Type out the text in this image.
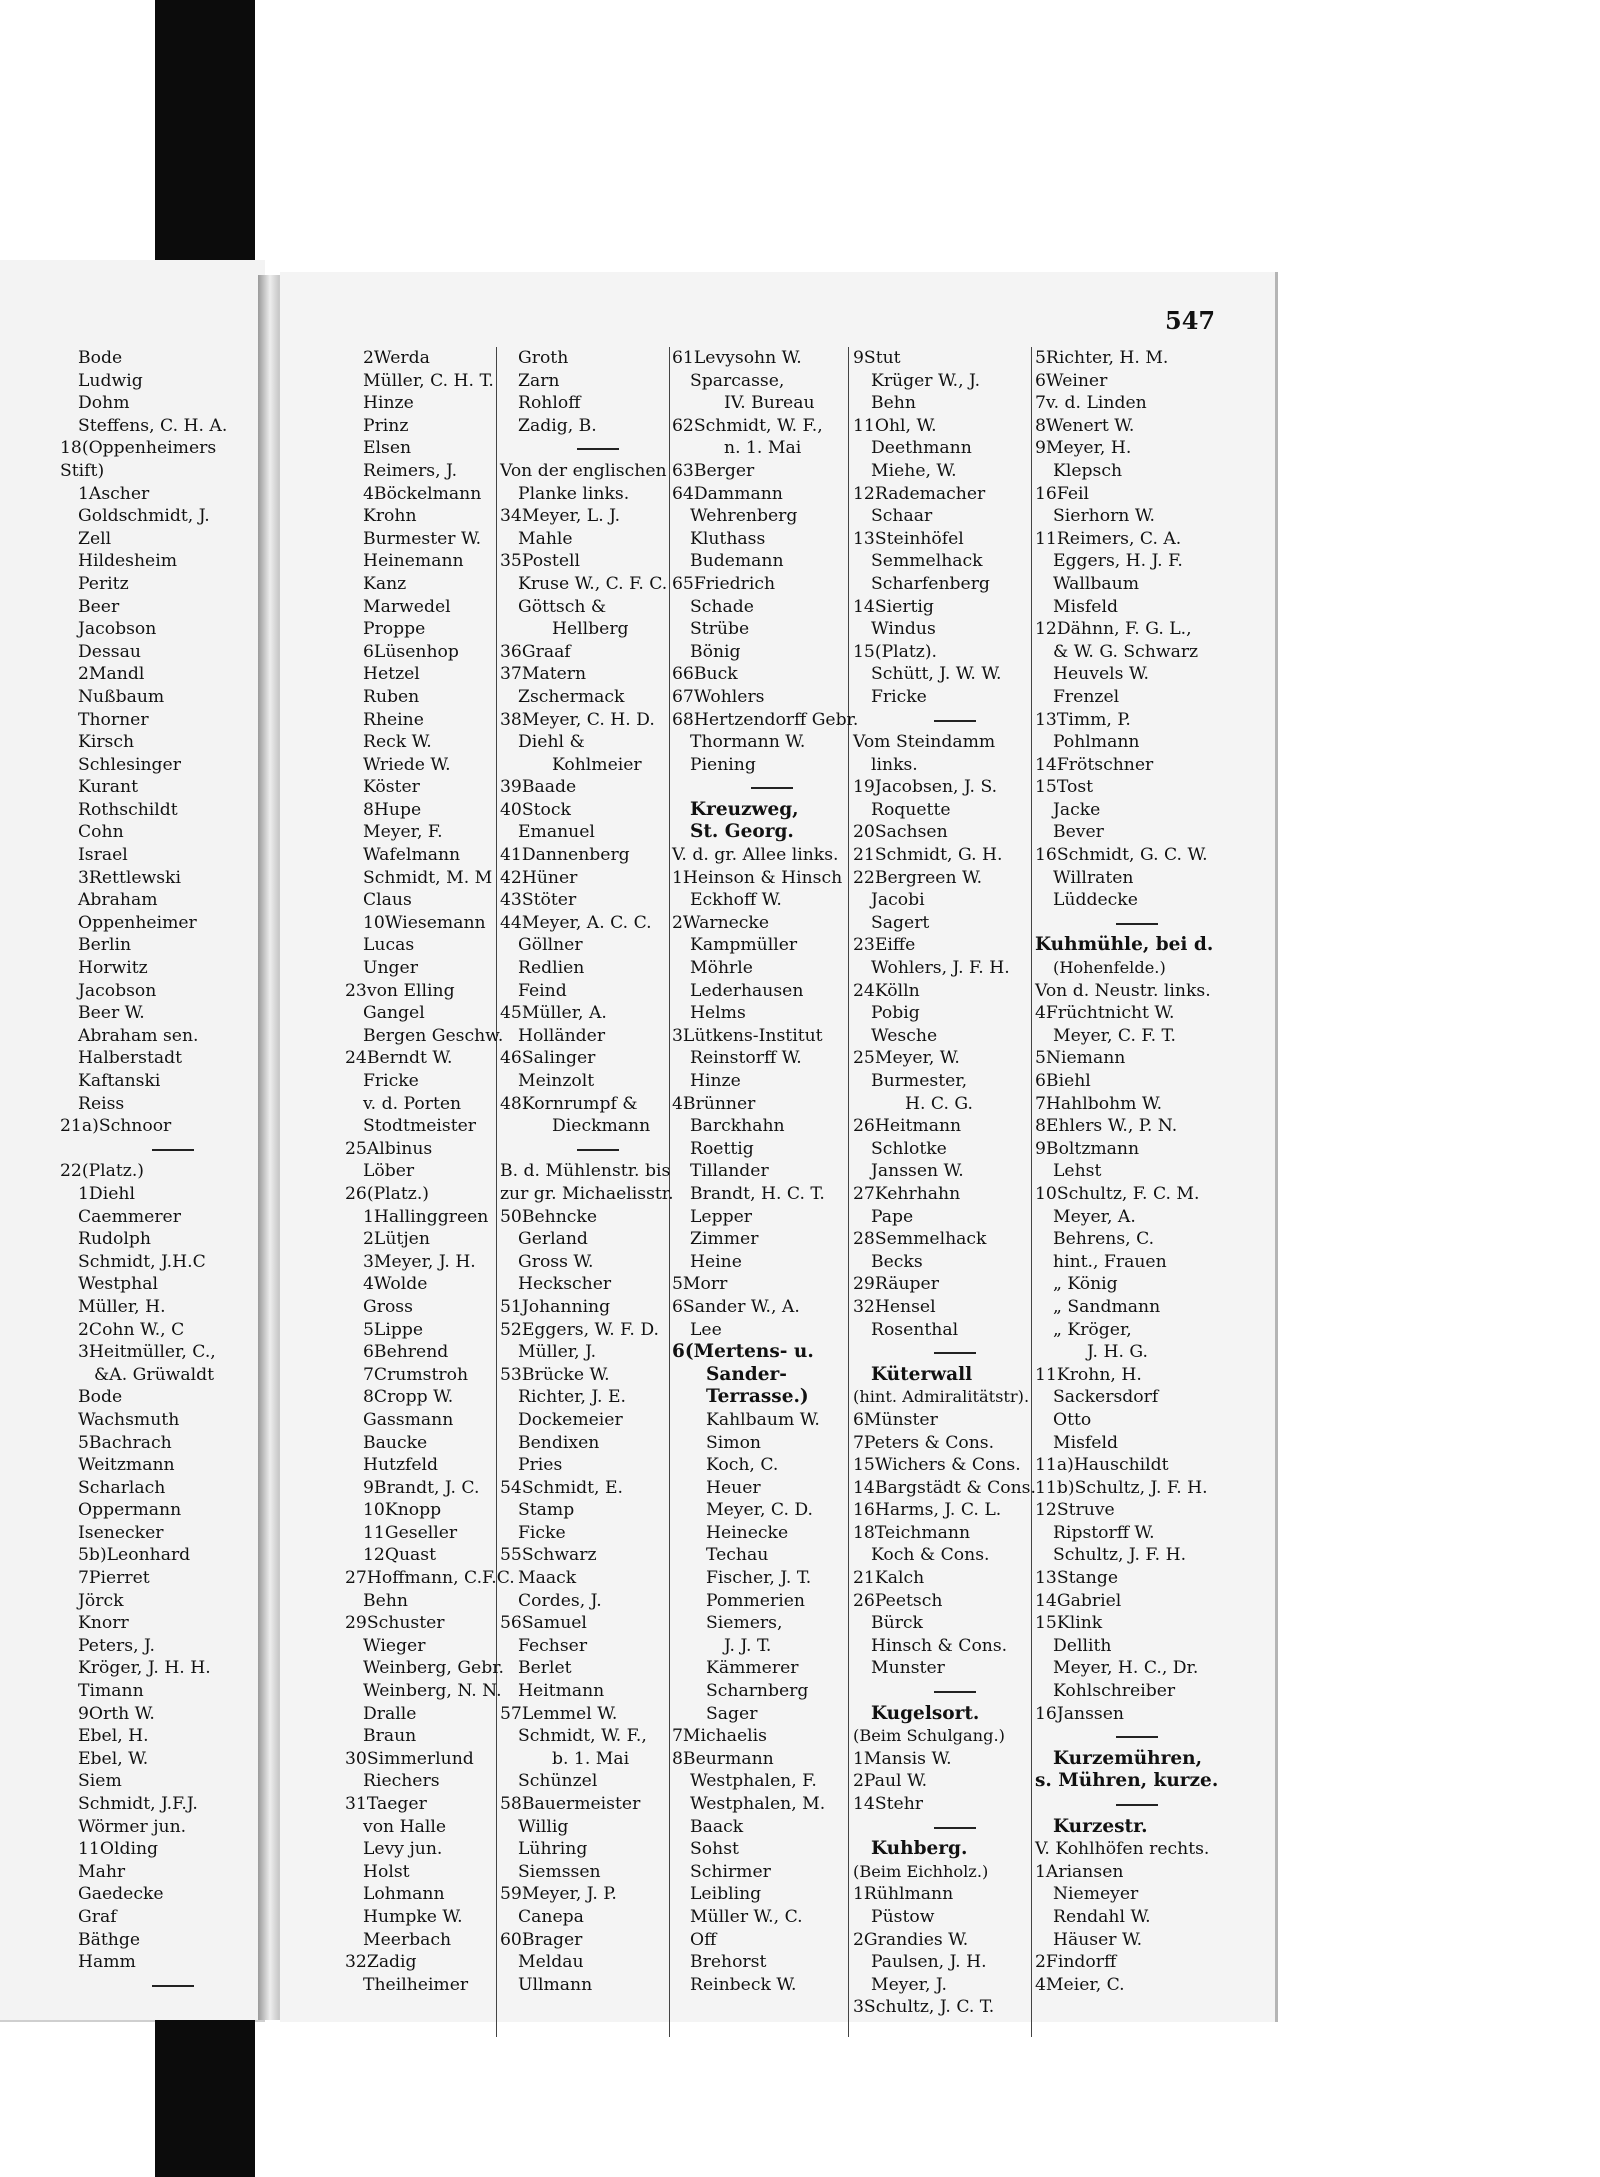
547
Bode
Ludwig
Dohm
Steffens, C. H. A.
18(Oppenheimers
Stift)
1Ascher
Goldschmidt, J.
Zell
Hildesheim
Peritz
Beer
Jacobson
Dessau
2Mandl
Nußbaum
Thorner
Kirsch
Schlesinger
Kurant
Rothschildt
Cohn
Israel
3Rettlewski
Abraham
Oppenheimer
Berlin
Horwitz
Jacobson
Beer W.
Abraham sen.
Halberstadt
Kaftanski
Reiss
21a)Schnoor
22(Platz.)
1Diehl
Caemmerer
Rudolph
Schmidt, J.H.C
Westphal
Müller, H.
2Cohn W., C
3Heitmüller, C.,
&A. Grüwaldt
Bode
Wachsmuth
5Bachrach
Weitzmann
Scharlach
Oppermann
Isenecker
5b)Leonhard
7Pierret
Jörck
Knorr
Peters, J.
Kröger, J. H. H.
Timann
9Orth W.
Ebel, H.
Ebel, W.
Siem
Schmidt, J.F.J.
Wörmer jun.
11Olding
Mahr
Gaedecke
Graf
Bäthge
Hamm
2Werda
Müller, C. H. T.
Hinze
Prinz
Elsen
Reimers, J.
4Böckelmann
Krohn
Burmester W.
Heinemann
Kanz
Marwedel
Proppe
6Lüsenhop
Hetzel
Ruben
Rheine
Reck W.
Wriede W.
Köster
8Hupe
Meyer, F.
Wafelmann
Schmidt, M. M
Claus
10Wiesemann
Lucas
Unger
23von Elling
Gangel
Bergen Geschw.
24Berndt W.
Fricke
v. d. Porten
Stodtmeister
25Albinus
Löber
26(Platz.)
1Hallinggreen
2Lütjen
3Meyer, J. H.
4Wolde
Gross
5Lippe
6Behrend
7Crumstroh
8Cropp W.
Gassmann
Baucke
Hutzfeld
9Brandt, J. C.
10Knopp
11Geseller
12Quast
27Hoffmann, C.F.C.
Behn
29Schuster
Wieger
Weinberg, Gebr.
Weinberg, N. N.
Dralle
Braun
30Simmerlund
Riechers
31Taeger
von Halle
Levy jun.
Holst
Lohmann
Humpke W.
Meerbach
32Zadig
Theilheimer
Groth
Zarn
Rohloff
Zadig, B.
Von der englischen
Planke links.
34Meyer, L. J.
Mahle
35Postell
Kruse W., C. F. C.
Göttsch &
Hellberg
36Graaf
37Matern
Zschermack
38Meyer, C. H. D.
Diehl &
Kohlmeier
39Baade
40Stock
Emanuel
41Dannenberg
42Hüner
43Stöter
44Meyer, A. C. C.
Göllner
Redlien
Feind
45Müller, A.
Holländer
46Salinger
Meinzolt
48Kornrumpf &
Dieckmann
B. d. Mühlenstr. bis
zur gr. Michaelisstr.
50Behncke
Gerland
Gross W.
Heckscher
51Johanning
52Eggers, W. F. D.
Müller, J.
53Brücke W.
Richter, J. E.
Dockemeier
Bendixen
Pries
54Schmidt, E.
Stamp
Ficke
55Schwarz
Maack
Cordes, J.
56Samuel
Fechser
Berlet
Heitmann
57Lemmel W.
Schmidt, W. F.,
b. 1. Mai
Schünzel
58Bauermeister
Willig
Lühring
Siemssen
59Meyer, J. P.
Canepa
60Brager
Meldau
Ullmann
61Levysohn W.
Sparcasse,
IV. Bureau
62Schmidt, W. F.,
n. 1. Mai
63Berger
64Dammann
Wehrenberg
Kluthass
Budemann
65Friedrich
Schade
Strübe
Bönig
66Buck
67Wohlers
68Hertzendorff Gebr.
Thormann W.
Piening
Kreuzweg,
St. Georg.
V. d. gr. Allee links.
1Heinson & Hinsch
Eckhoff W.
2Warnecke
Kampmüller
Möhrle
Lederhausen
Helms
3Lütkens-Institut
Reinstorff W.
Hinze
4Brünner
Barckhahn
Roettig
Tillander
Brandt, H. C. T.
Lepper
Zimmer
Heine
5Morr
6Sander W., A.
Lee
6(Mertens- u.
Sander-
Terrasse.)
Kahlbaum W.
Simon
Koch, C.
Heuer
Meyer, C. D.
Heinecke
Techau
Fischer, J. T.
Pommerien
Siemers,
J. J. T.
Kämmerer
Scharnberg
Sager
7Michaelis
8Beurmann
Westphalen, F.
Westphalen, M.
Baack
Sohst
Schirmer
Leibling
Müller W., C.
Off
Brehorst
Reinbeck W.
9Stut
Krüger W., J.
Behn
11Ohl, W.
Deethmann
Miehe, W.
12Rademacher
Schaar
13Steinhöfel
Semmelhack
Scharfenberg
14Siertig
Windus
15(Platz).
Schütt, J. W. W.
Fricke
Vom Steindamm
links.
19Jacobsen, J. S.
Roquette
20Sachsen
21Schmidt, G. H.
22Bergreen W.
Jacobi
Sagert
23Eiffe
Wohlers, J. F. H.
24Kölln
Pobig
Wesche
25Meyer, W.
Burmester,
H. C. G.
26Heitmann
Schlotke
Janssen W.
27Kehrhahn
Pape
28Semmelhack
Becks
29Räuper
32Hensel
Rosenthal
Küterwall
(hint. Admiralitätstr).
6Münster
7Peters & Cons.
15Wichers & Cons.
14Bargstädt & Cons.
16Harms, J. C. L.
18Teichmann
Koch & Cons.
21Kalch
26Peetsch
Bürck
Hinsch & Cons.
Munster
Kugelsort.
(Beim Schulgang.)
1Mansis W.
2Paul W.
14Stehr
Kuhberg.
(Beim Eichholz.)
1Rühlmann
Püstow
2Grandies W.
Paulsen, J. H.
Meyer, J.
3Schultz, J. C. T.
5Richter, H. M.
6Weiner
7v. d. Linden
8Wenert W.
9Meyer, H.
Klepsch
16Feil
Sierhorn W.
11Reimers, C. A.
Eggers, H. J. F.
Wallbaum
Misfeld
12Dähnn, F. G. L.,
& W. G. Schwarz
Heuvels W.
Frenzel
13Timm, P.
Pohlmann
14Frötschner
15Tost
Jacke
Bever
16Schmidt, G. C. W.
Willraten
Lüddecke
Kuhmühle, bei d.
(Hohenfelde.)
Von d. Neustr. links.
4Früchtnicht W.
Meyer, C. F. T.
5Niemann
6Biehl
7Hahlbohm W.
8Ehlers W., P. N.
9Boltzmann
Lehst
10Schultz, F. C. M.
Meyer, A.
Behrens, C.
hint., Frauen
„ König
„ Sandmann
„ Kröger,
J. H. G.
11Krohn, H.
Sackersdorf
Otto
Misfeld
11a)Hauschildt
11b)Schultz, J. F. H.
12Struve
Ripstorff W.
Schultz, J. F. H.
13Stange
14Gabriel
15Klink
Dellith
Meyer, H. C., Dr.
Kohlschreiber
16Janssen
Kurzemühren,
s. Mühren, kurze.
Kurzestr.
V. Kohlhöfen rechts.
1Ariansen
Niemeyer
Rendahl W.
Häuser W.
2Findorff
4Meier, C.
